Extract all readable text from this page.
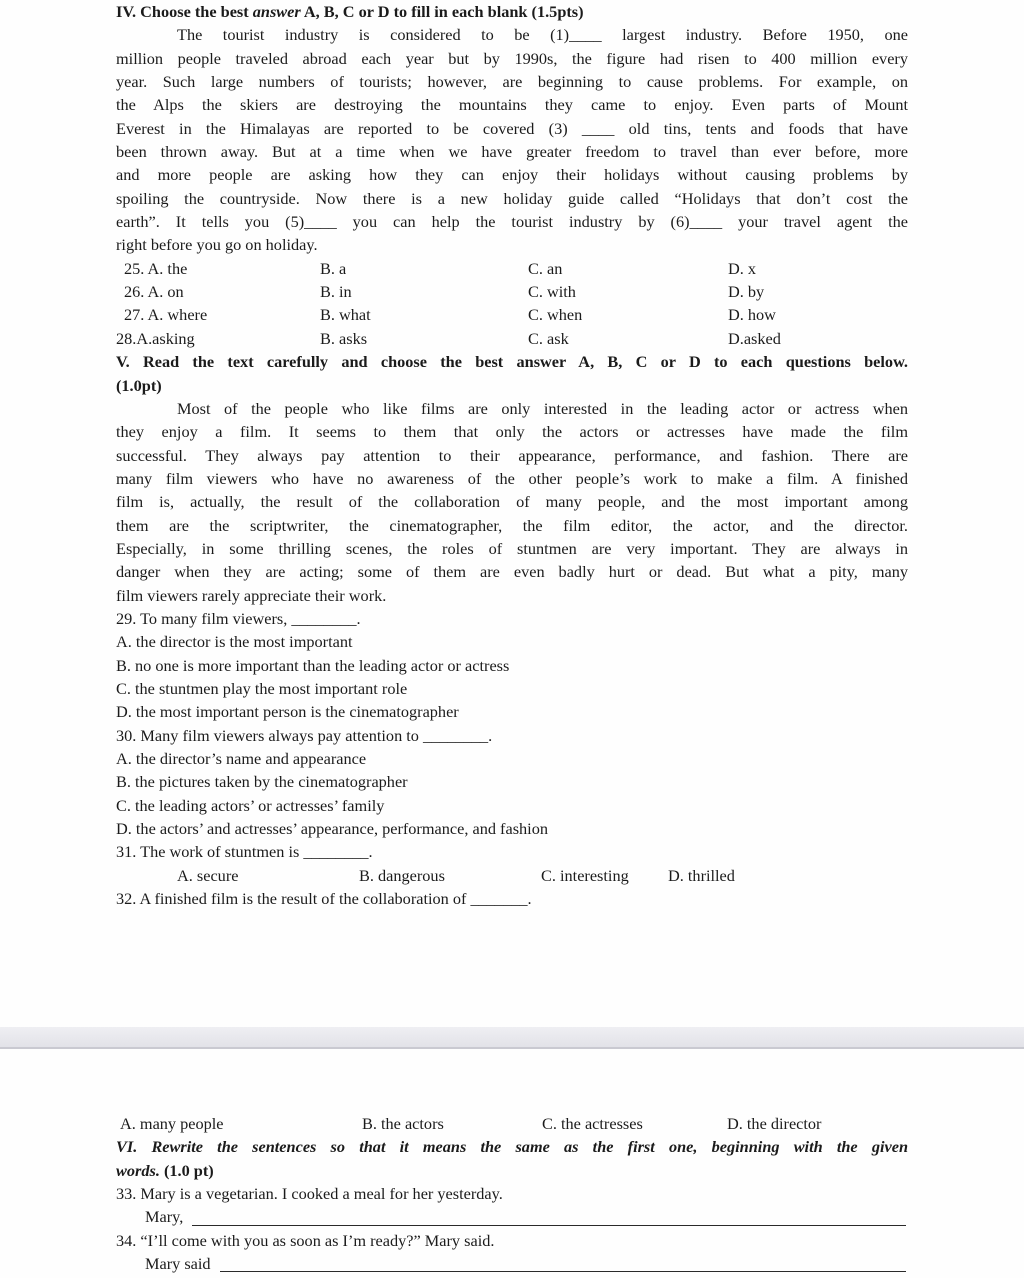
IV. Choose the best answer A, B, C or D to fill in each blank (1.5pts)
The tourist industry is considered to be (1)____ largest industry. Before 1950, one
million people traveled abroad each year but by 1990s, the figure had risen to 400 million every
year. Such large numbers of tourists; however, are beginning to cause problems. For example, on
the Alps the skiers are destroying the mountains they came to enjoy. Even parts of Mount
Everest in the Himalayas are reported to be covered (3) ____ old tins, tents and foods that have
been thrown away. But at a time when we have greater freedom to travel than ever before, more
and more people are asking how they can enjoy their holidays without causing problems by
spoiling the countryside. Now there is a new holiday guide called “Holidays that don’t cost the
earth”. It tells you (5)____ you can help the tourist industry by (6)____ your travel agent the
right before you go on holiday.
25. A. the	B. a	C. an	D. x
26. A. on	B. in	C. with	D. by
27. A. where	B. what	C. when	D. how
28.A.asking	B. asks	C. ask	D.asked
V. Read the text carefully and choose the best answer A, B, C or D to each questions below.
(1.0pt)
Most of the people who like films are only interested in the leading actor or actress when
they enjoy a film. It seems to them that only the actors or actresses have made the film
successful. They always pay attention to their appearance, performance, and fashion. There are
many film viewers who have no awareness of the other people’s work to make a film. A finished
film is, actually, the result of the collaboration of many people, and the most important among
them are the scriptwriter, the cinematographer, the film editor, the actor, and the director.
Especially, in some thrilling scenes, the roles of stuntmen are very important. They are always in
danger when they are acting; some of them are even badly hurt or dead. But what a pity, many
film viewers rarely appreciate their work.
29. To many film viewers, ________.
A. the director is the most important
B. no one is more important than the leading actor or actress
C. the stuntmen play the most important role
D. the most important person is the cinematographer
30. Many film viewers always pay attention to ________.
A. the director’s name and appearance
B. the pictures taken by the cinematographer
C. the leading actors’ or actresses’ family
D. the actors’ and actresses’ appearance, performance, and fashion
31. The work of stuntmen is ________.
A. secure	B. dangerous	C. interesting	D. thrilled
32. A finished film is the result of the collaboration of _______.
A. many people	B. the actors	C. the actresses	D. the director
VI. Rewrite the sentences so that it means the same as the first one, beginning with the given
words. (1.0 pt)
33. Mary is a vegetarian. I cooked a meal for her yesterday.
Mary,
34. “I’ll come with you as soon as I’m ready?” Mary said.
Mary said
